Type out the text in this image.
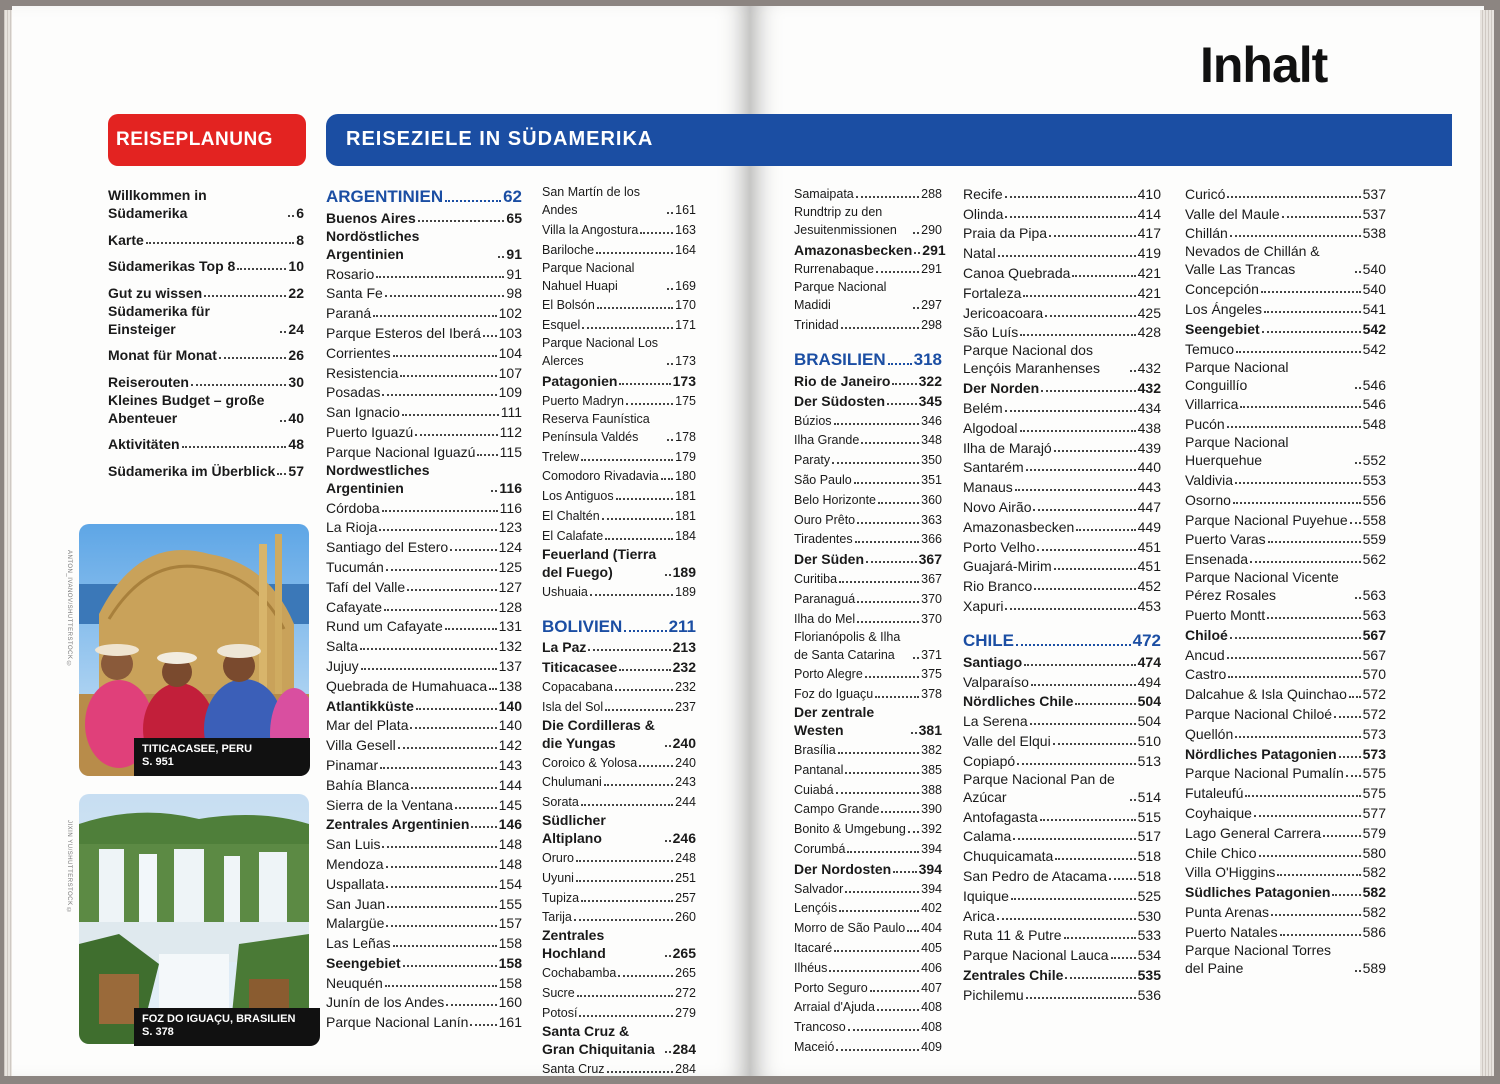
Inhalt
REISEZIELE IN SÜDAMERIKA
REISEPLANUNG
TITICACASEE, PERU
S. 951
ANTON_IVANOV/SHUTTERSTOCK ©
FOZ DO IGUAÇU, BRASILIEN
S. 378
JIXIN YU/SHUTTERSTOCK ©
Willkommen in Südamerika	6
Karte	8
Südamerikas Top 8	10
Gut zu wissen	22
Südamerika für Einsteiger	24
Monat für Monat	26
Reiserouten	30
Kleines Budget – große Abenteuer	40
Aktivitäten	48
Südamerika im Überblick 57
ARGENTINIEN	62
Buenos Aires	65
Nordöstliches Argentinien	91
Rosario	91
Santa Fe	98
Paraná	102
Parque Esteros del Iberá 103
Corrientes	104
Resistencia	107
Posadas	109
San Ignacio	111
Puerto Iguazú	112
Parque Nacional Iguazú 115
Nordwestliches Argentinien	116
Córdoba	116
La Rioja	123
Santiago del Estero	124
Tucumán	125
Tafí del Valle	127
Cafayate	128
Rund um Cafayate	131
Salta	132
Jujuy	137
Quebrada de Humahuaca 138
Atlantikküste	140
Mar del Plata	140
Villa Gesell	142
Pinamar	143
Bahía Blanca	144
Sierra de la Ventana	145
Zentrales Argentinien 146
San Luis	148
Mendoza	148
Uspallata	154
San Juan	155
Malargüe	157
Las Leñas	158
Seengebiet	158
Neuquén	158
Junín de los Andes	160
Parque Nacional Lanín 161
San Martín de los Andes	161
Villa la Angostura	163
Bariloche	164
Parque Nacional Nahuel Huapi	169
El Bolsón	170
Esquel	171
Parque Nacional Los Alerces	173
Patagonien	173
Puerto Madryn	175
Reserva Faunística Península Valdés	178
Trelew	179
Comodoro Rivadavia 180
Los Antiguos	181
El Chaltén	181
El Calafate	184
Feuerland (Tierra del Fuego)	189
Ushuaia	189
BOLIVIEN	211
La Paz	213
Titicacasee	232
Copacabana	232
Isla del Sol	237
Die Cordilleras & die Yungas	240
Coroico & Yolosa	240
Chulumani	243
Sorata	244
Südlicher Altiplano	246
Oruro	248
Uyuni	251
Tupiza	257
Tarija	260
Zentrales Hochland	265
Cochabamba	265
Sucre	272
Potosí	279
Santa Cruz & Gran Chiquitania	284
Santa Cruz	284
Samaipata	288
Rundtrip zu den Jesuitenmissionen	290
Amazonasbecken 291
Rurrenabaque	291
Parque Nacional Madidi	297
Trinidad	298
BRASILIEN 318
Rio de Janeiro 322
Der Südosten 345
Búzios	346
Ilha Grande	348
Paraty	350
São Paulo	351
Belo Horizonte	360
Ouro Prêto	363
Tiradentes	366
Der Süden	367
Curitiba	367
Paranaguá	370
Ilha do Mel	370
Florianópolis & Ilha de Santa Catarina	371
Porto Alegre	375
Foz do Iguaçu	378
Der zentrale Westen	381
Brasília	382
Pantanal	385
Cuiabá	388
Campo Grande	390
Bonito & Umgebung 392
Corumbá	394
Der Nordosten 394
Salvador	394
Lençóis	402
Morro de São Paulo 404
Itacaré	405
Ilhéus	406
Porto Seguro	407
Arraial d'Ajuda	408
Trancoso	408
Maceió	409
Recife	410
Olinda	414
Praia da Pipa	417
Natal	419
Canoa Quebrada	421
Fortaleza	421
Jericoacoara	425
São Luís	428
Parque Nacional dos Lençóis Maranhenses	432
Der Norden	432
Belém	434
Algodoal	438
Ilha de Marajó	439
Santarém	440
Manaus	443
Novo Airão	447
Amazonasbecken	449
Porto Velho	451
Guajará-Mirim	451
Rio Branco	452
Xapuri	453
CHILE	472
Santiago	474
Valparaíso	494
Nördliches Chile	504
La Serena	504
Valle del Elqui	510
Copiapó	513
Parque Nacional Pan de Azúcar	514
Antofagasta	515
Calama	517
Chuquicamata	518
San Pedro de Atacama 518
Iquique	525
Arica	530
Ruta 11 & Putre	533
Parque Nacional Lauca 534
Zentrales Chile	535
Pichilemu	536
Curicó	537
Valle del Maule	537
Chillán	538
Nevados de Chillán & Valle Las Trancas	540
Concepción	540
Los Ángeles	541
Seengebiet	542
Temuco	542
Parque Nacional Conguillío	546
Villarrica	546
Pucón	548
Parque Nacional Huerquehue	552
Valdivia	553
Osorno	556
Parque Nacional Puyehue 558
Puerto Varas	559
Ensenada	562
Parque Nacional Vicente Pérez Rosales	563
Puerto Montt	563
Chiloé	567
Ancud	567
Castro	570
Dalcahue & Isla Quinchao 572
Parque Nacional Chiloé 572
Quellón	573
Nördliches Patagonien 573
Parque Nacional Pumalín 575
Futaleufú	575
Coyhaique	577
Lago General Carrera	579
Chile Chico	580
Villa O'Higgins	582
Südliches Patagonien 582
Punta Arenas	582
Puerto Natales	586
Parque Nacional Torres del Paine	589
